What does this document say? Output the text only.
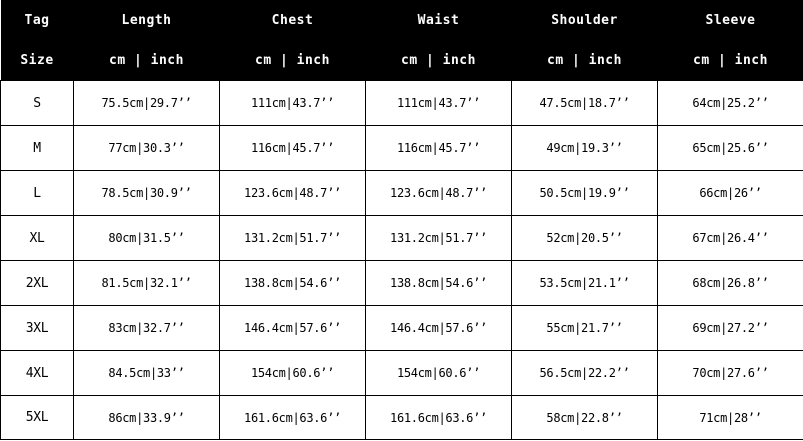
Tag	Length	Chest	Waist	Shoulder	Sleeve
Size	cm | inch	cm | inch	cm | inch	cm | inch	cm | inch
S	75.5cm|29.7’’	111cm|43.7’’	111cm|43.7’’	47.5cm|18.7’’	64cm|25.2’’
M	77cm|30.3’’	116cm|45.7’’	116cm|45.7’’	49cm|19.3’’	65cm|25.6’’
L	78.5cm|30.9’’	123.6cm|48.7’’	123.6cm|48.7’’	50.5cm|19.9’’	66cm|26’’
XL	80cm|31.5’’	131.2cm|51.7’’	131.2cm|51.7’’	52cm|20.5’’	67cm|26.4’’
2XL	81.5cm|32.1’’	138.8cm|54.6’’	138.8cm|54.6’’	53.5cm|21.1’’	68cm|26.8’’
3XL	83cm|32.7’’	146.4cm|57.6’’	146.4cm|57.6’’	55cm|21.7’’	69cm|27.2’’
4XL	84.5cm|33’’	154cm|60.6’’	154cm|60.6’’	56.5cm|22.2’’	70cm|27.6’’
5XL	86cm|33.9’’	161.6cm|63.6’’	161.6cm|63.6’’	58cm|22.8’’	71cm|28’’
